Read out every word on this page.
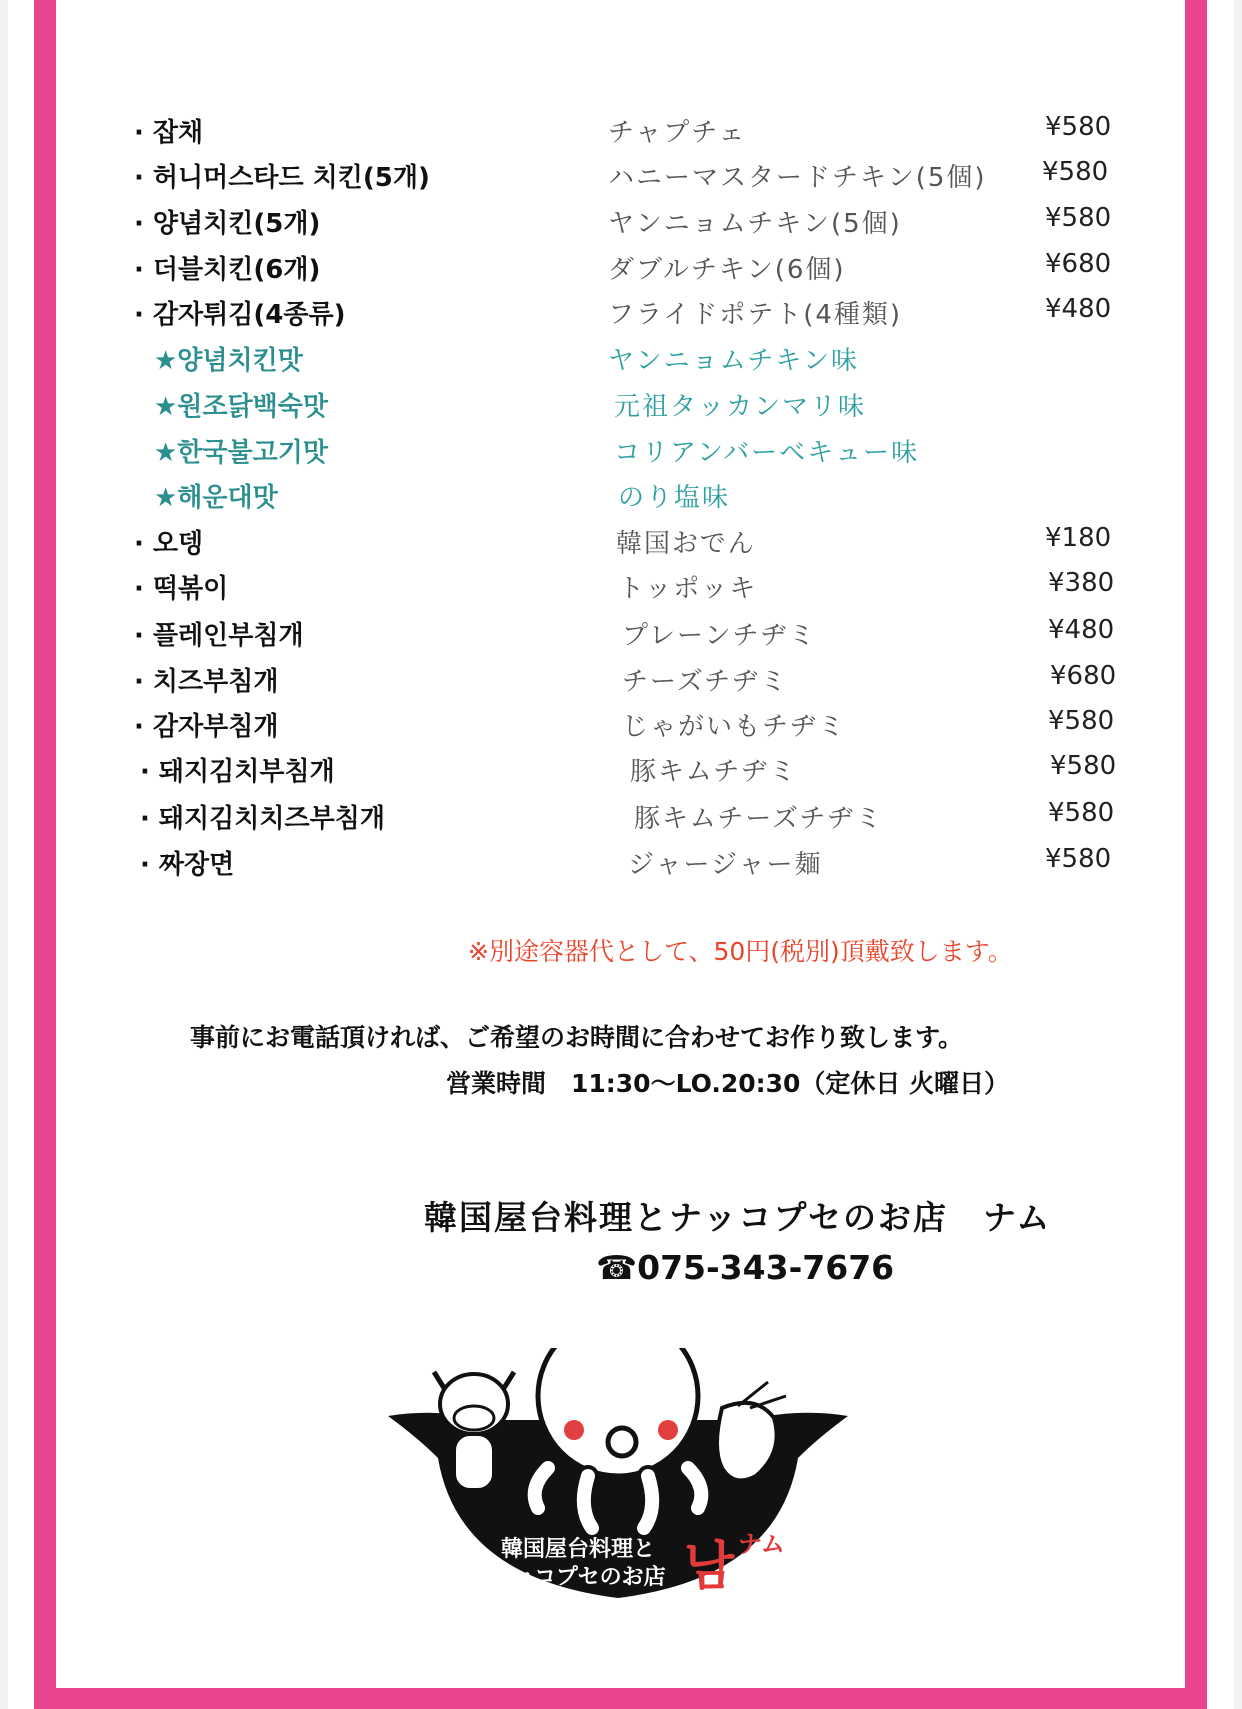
· 잡채	チャプチェ	¥580
· 허니머스타드 치킨(5개)	ハニーマスタードチキン(5個) ¥580
· 양념치킨(5개)	ヤンニョムチキン(5個)	¥580
· 더블치킨(6개)	ダブルチキン(6個)	¥680
· 감자튀김(4종류)	フライドポテト(4種類)	¥480
★양념치킨맛	ヤンニョムチキン味
★원조닭백숙맛	元祖タッカンマリ味
★한국불고기맛	コリアンバーベキュー味
★해운대맛	のり塩味
· 오뎅	韓国おでん	¥180
· 떡볶이	トッポッキ	¥380
· 플레인부침개	プレーンチヂミ	¥480
· 치즈부침개	チーズチヂミ	¥680
· 감자부침개	じゃがいもチヂミ	¥580
· 돼지김치부침개	豚キムチヂミ	¥580
· 돼지김치치즈부침개	豚キムチーズチヂミ	¥580
· 짜장면	ジャージャー麺	¥580
※別途容器代として、50円(税別)頂戴致します。
事前にお電話頂ければ、ご希望のお時間に合わせてお作り致します。
営業時間　11:30〜LO.20:30（定休日 火曜日）
韓国屋台料理とナッコプセのお店　ナム
☎075-343-7676
韓国屋台料理と
ナッコプセのお店 남 ナム
